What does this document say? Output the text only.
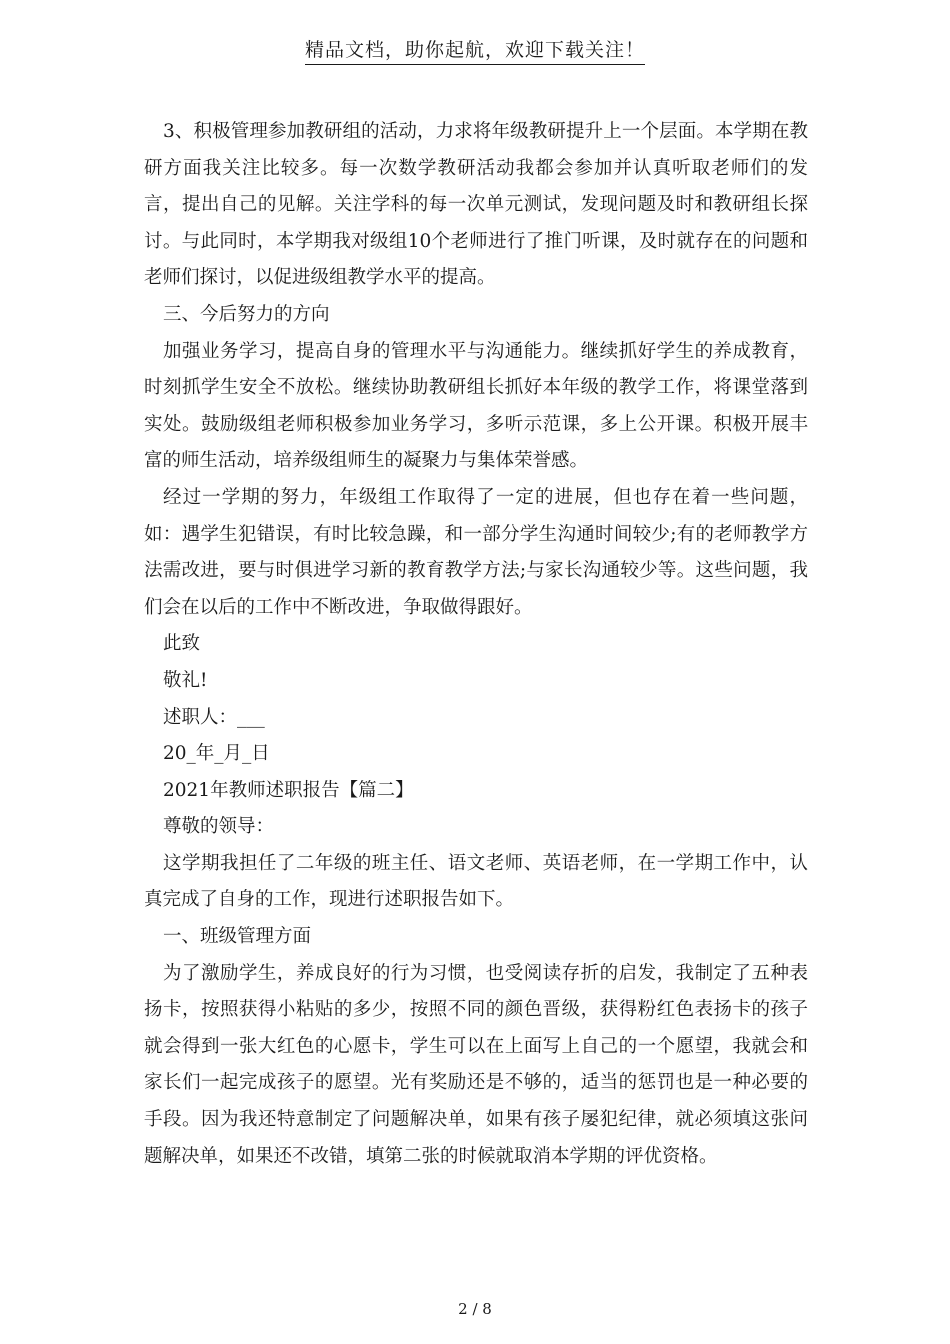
精品文档，助你起航，欢迎下载关注！

3、积极管理参加教研组的活动，力求将年级教研提升上一个层面。本学期在教研方面我关注比较多。每一次数学教研活动我都会参加并认真听取老师们的发言，提出自己的见解。关注学科的每一次单元测试，发现问题及时和教研组长探讨。与此同时，本学期我对级组10个老师进行了推门听课，及时就存在的问题和老师们探讨，以促进级组教学水平的提高。

三、今后努力的方向

加强业务学习，提高自身的管理水平与沟通能力。继续抓好学生的养成教育，时刻抓学生安全不放松。继续协助教研组长抓好本年级的教学工作，将课堂落到实处。鼓励级组老师积极参加业务学习，多听示范课，多上公开课。积极开展丰富的师生活动，培养级组师生的凝聚力与集体荣誉感。

经过一学期的努力，年级组工作取得了一定的进展，但也存在着一些问题，如：遇学生犯错误，有时比较急躁，和一部分学生沟通时间较少;有的老师教学方法需改进，要与时俱进学习新的教育教学方法;与家长沟通较少等。这些问题，我们会在以后的工作中不断改进，争取做得跟好。

此致

敬礼!

述职人：___

20_年_月_日

2021年教师述职报告【篇二】

尊敬的领导：

这学期我担任了二年级的班主任、语文老师、英语老师，在一学期工作中，认真完成了自身的工作，现进行述职报告如下。

一、班级管理方面

为了激励学生，养成良好的行为习惯，也受阅读存折的启发，我制定了五种表扬卡，按照获得小粘贴的多少，按照不同的颜色晋级，获得粉红色表扬卡的孩子就会得到一张大红色的心愿卡，学生可以在上面写上自己的一个愿望，我就会和家长们一起完成孩子的愿望。光有奖励还是不够的，适当的惩罚也是一种必要的手段。因为我还特意制定了问题解决单，如果有孩子屡犯纪律，就必须填这张问题解决单，如果还不改错，填第二张的时候就取消本学期的评优资格。

2 / 8
